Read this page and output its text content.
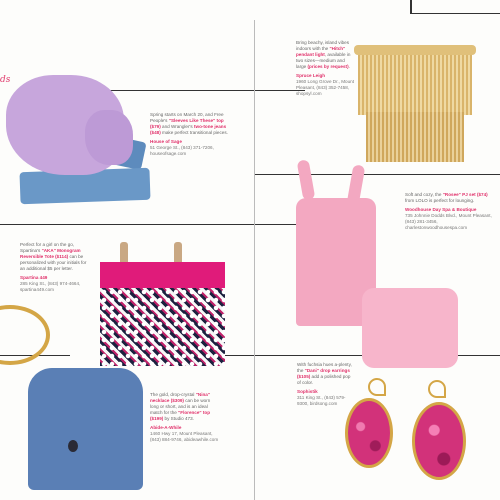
ds
Spring starts on March 20, and Free People's "Sleeves Like These" top ($79) and Wrangler's two-tone jeans ($48) make perfect transitional pieces.
House of Sage
51 George St., (843) 371-7206, houseofsage.com
Bring beachy, island vibes indoors with the "Hitch" pendant light, available in two sizes—medium and large (prices by request).
Spruce Leigh
1960 Long Grove Dr., Mount Pleasant, (843) 352-7458, shopsyl.com
Soft and cozy, the "Rosee" PJ set ($74) from LOLO is perfect for lounging.
Woodhouse Day Spa & Boutique
735 Johnnie Dodds Blvd., Mount Pleasant, (843) 281-3456, charlestonwoodhousespa.com
Perfect for a girl on the go, Spartina's "AKA" Monogram Reversible Tote ($114) can be personalized with your initials for an additional $5 per letter.
Spartina 449
285 King St., (843) 974-4664, spartina449.com
The gold, drop-crystal "Nina" necklace ($309) can be worn long or short, and is an ideal match for the "Florence" top ($199) by Studio 473.
Abide-A-While
1460 Hwy 17, Mount Pleasant, (843) 884-9746, abideawhile.com
With fuchsia hues a-plenty, the "Dani" drop earrings ($105) add a polished pop of color.
Sophistik
311 King St., (843) 579-9300, birdsong.com
